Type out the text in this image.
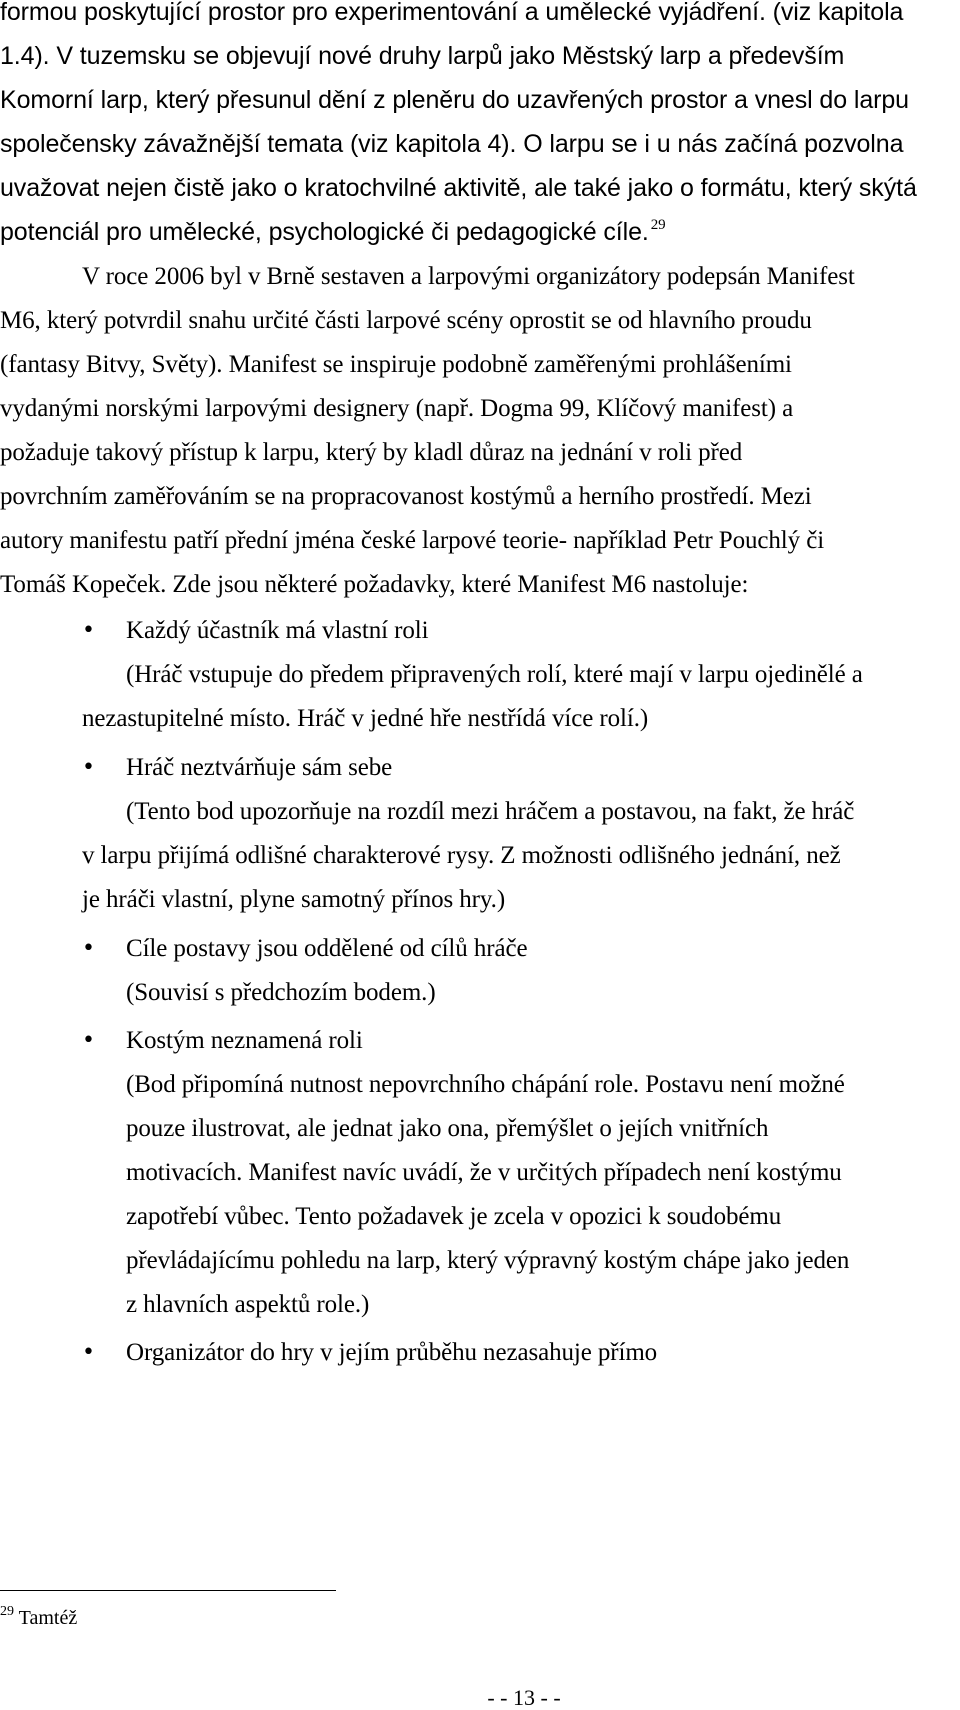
formou poskytující prostor pro experimentování a umělecké vyjádření. (viz kapitola
1.4). V tuzemsku se objevují nové druhy larpů jako Městský larp a především
Komorní larp, který přesunul dění z pleněru do uzavřených prostor a vnesl do larpu
společensky závažnější temata (viz kapitola 4). O larpu se i u nás začíná pozvolna
uvažovat nejen čistě jako o kratochvilné aktivitě, ale také jako o formátu, který skýtá
potenciál pro umělecké, psychologické či pedagogické cíle. $^{29}$
V roce 2006 byl v Brně sestaven a larpovými organizátory podepsán Manifest
M6, který potvrdil snahu určité části larpové scény oprostit se od hlavního proudu
(fantasy Bitvy, Světy). Manifest se inspiruje podobně zaměřenými prohlášeními
vydanými norskými larpovými designery (např. Dogma 99, Klíčový manifest) a
požaduje takový přístup k larpu, který by kladl důraz na jednání v roli před
povrchním zaměřováním se na propracovanost kostýmů a herního prostředí. Mezi
autory manifestu patří přední jména české larpové teorie- například Petr Pouchlý či
Tomáš Kopeček. Zde jsou některé požadavky, které Manifest M6 nastoluje:
• Každý účastník má vlastní roli
(Hráč vstupuje do předem připravených rolí, které mají v larpu ojedinělé a
nezastupitelné místo. Hráč v jedné hře nestřídá více rolí.)
• Hráč neztvárňuje sám sebe
(Tento bod upozorňuje na rozdíl mezi hráčem a postavou, na fakt, že hráč
v larpu přijímá odlišné charakterové rysy. Z možnosti odlišného jednání, než
je hráči vlastní, plyne samotný přínos hry.)
• Cíle postavy jsou oddělené od cílů hráče
(Souvisí s předchozím bodem.)
• Kostým neznamená roli
(Bod připomíná nutnost nepovrchního chápání role. Postavu není možné
pouze ilustrovat, ale jednat jako ona, přemýšlet o jejích vnitřních
motivacích. Manifest navíc uvádí, že v určitých případech není kostýmu
zapotřebí vůbec. Tento požadavek je zcela v opozici k soudobému
převládajícímu pohledu na larp, který výpravný kostým chápe jako jeden
z hlavních aspektů role.)
• Organizátor do hry v jejím průběhu nezasahuje přímo
$^{29}$ Tamtéž
- - 13 - -
